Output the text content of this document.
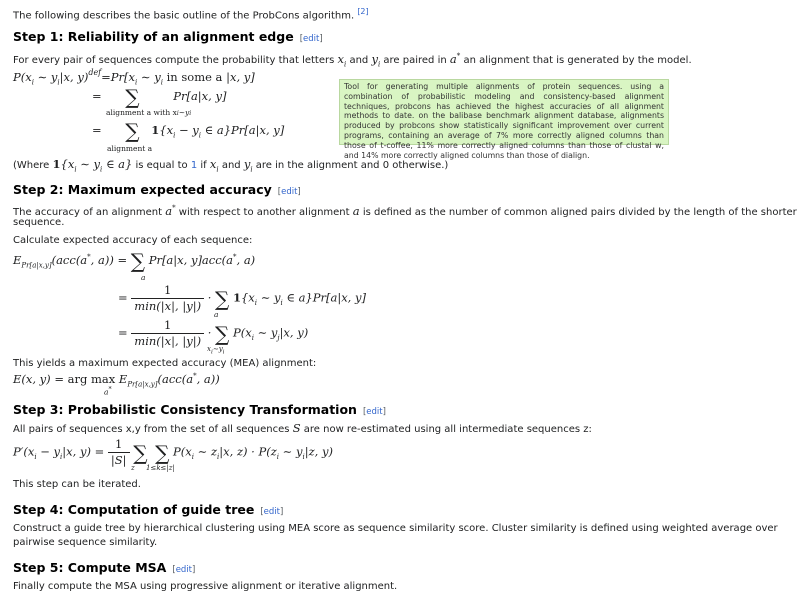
The following describes the basic outline of the ProbCons algorithm. [2]
Step 1: Reliability of an alignment edge [edit]
For every pair of sequences compute the probability that letters $x_i$ and $y_i$ are paired in a* an alignment that is generated by the model.
$P(x_i$ ∼ $y_i|x$, $y)^{def}=Pr[x_i$ ∼ $y_i$ in some a |x, y]
= ∑	Pr[a|x, y]
alignment a with xi~yi
= ∑ $1\{x_i - y_i$ ∈ a}Pr[a|x, y]
alignment a
Tool for generating multiple alignments of protein sequences. using a combination of probabilistic modeling and consistency-based alignment techniques, probcons has achieved the highest accuracies of all alignment methods to date. on the balibase benchmark alignment database, alignments produced by probcons show statistically significant improvement over current programs, containing an average of 7% more correctly aligned columns than those of t-coffee, 11% more correctly aligned columns than those of clustal w, and 14% more correctly aligned columns than those of dialign.
(Where $1\{x_i$ ∼ $y_i$ ∈ a} is equal to 1 if $x_i$ and $y_i$ are in the alignment and 0 otherwise.)
Step 2: Maximum expected accuracy [edit]
The accuracy of an alignment a* with respect to another alignment a is defined as the number of common aligned pairs divided by the length of the shorter
sequence.
Calculate expected accuracy of each sequence:
$E_{Pr[a|x,y]}(acc(a^*$, a)) = ∑ Pr[a|x, y]acc(a*, a)
a
= $\frac{1}{\min(|x|, |y|)}$ · ∑ $1\{x_i$ ∼ $y_i$ ∈ a}Pr[a|x, y]
a
= $\frac{1}{\min(|x|, |y|)}$ · ∑ $P(x_i$ ∼ $y_j|x$, y)
$x_i\sim y_i$
This yields a maximum expected accuracy (MEA) alignment:
E(x, y) = arg $\max E_{Pr[a|x,y]}(acc(a^*$, a))
a*
Step 3: Probabilistic Consistency Transformation [edit]
All pairs of sequences x,y from the set of all sequences S are now re-estimated using all intermediate sequences z:
$P'(x_i - y_i|x$, $y) = \frac{1}{|S|}$
∑
∑ $P(x_i$ ∼ $z_i|x$, $z) \cdot P(z_i$ ∼ $y_i|z$, y)
z 1≤k≤|z|
This step can be iterated.
Step 4: Computation of guide tree [edit]
Construct a guide tree by hierarchical clustering using MEA score as sequence similarity score. Cluster similarity is defined using weighted average over
pairwise sequence similarity.
Step 5: Compute MSA [edit]
Finally compute the MSA using progressive alignment or iterative alignment.
